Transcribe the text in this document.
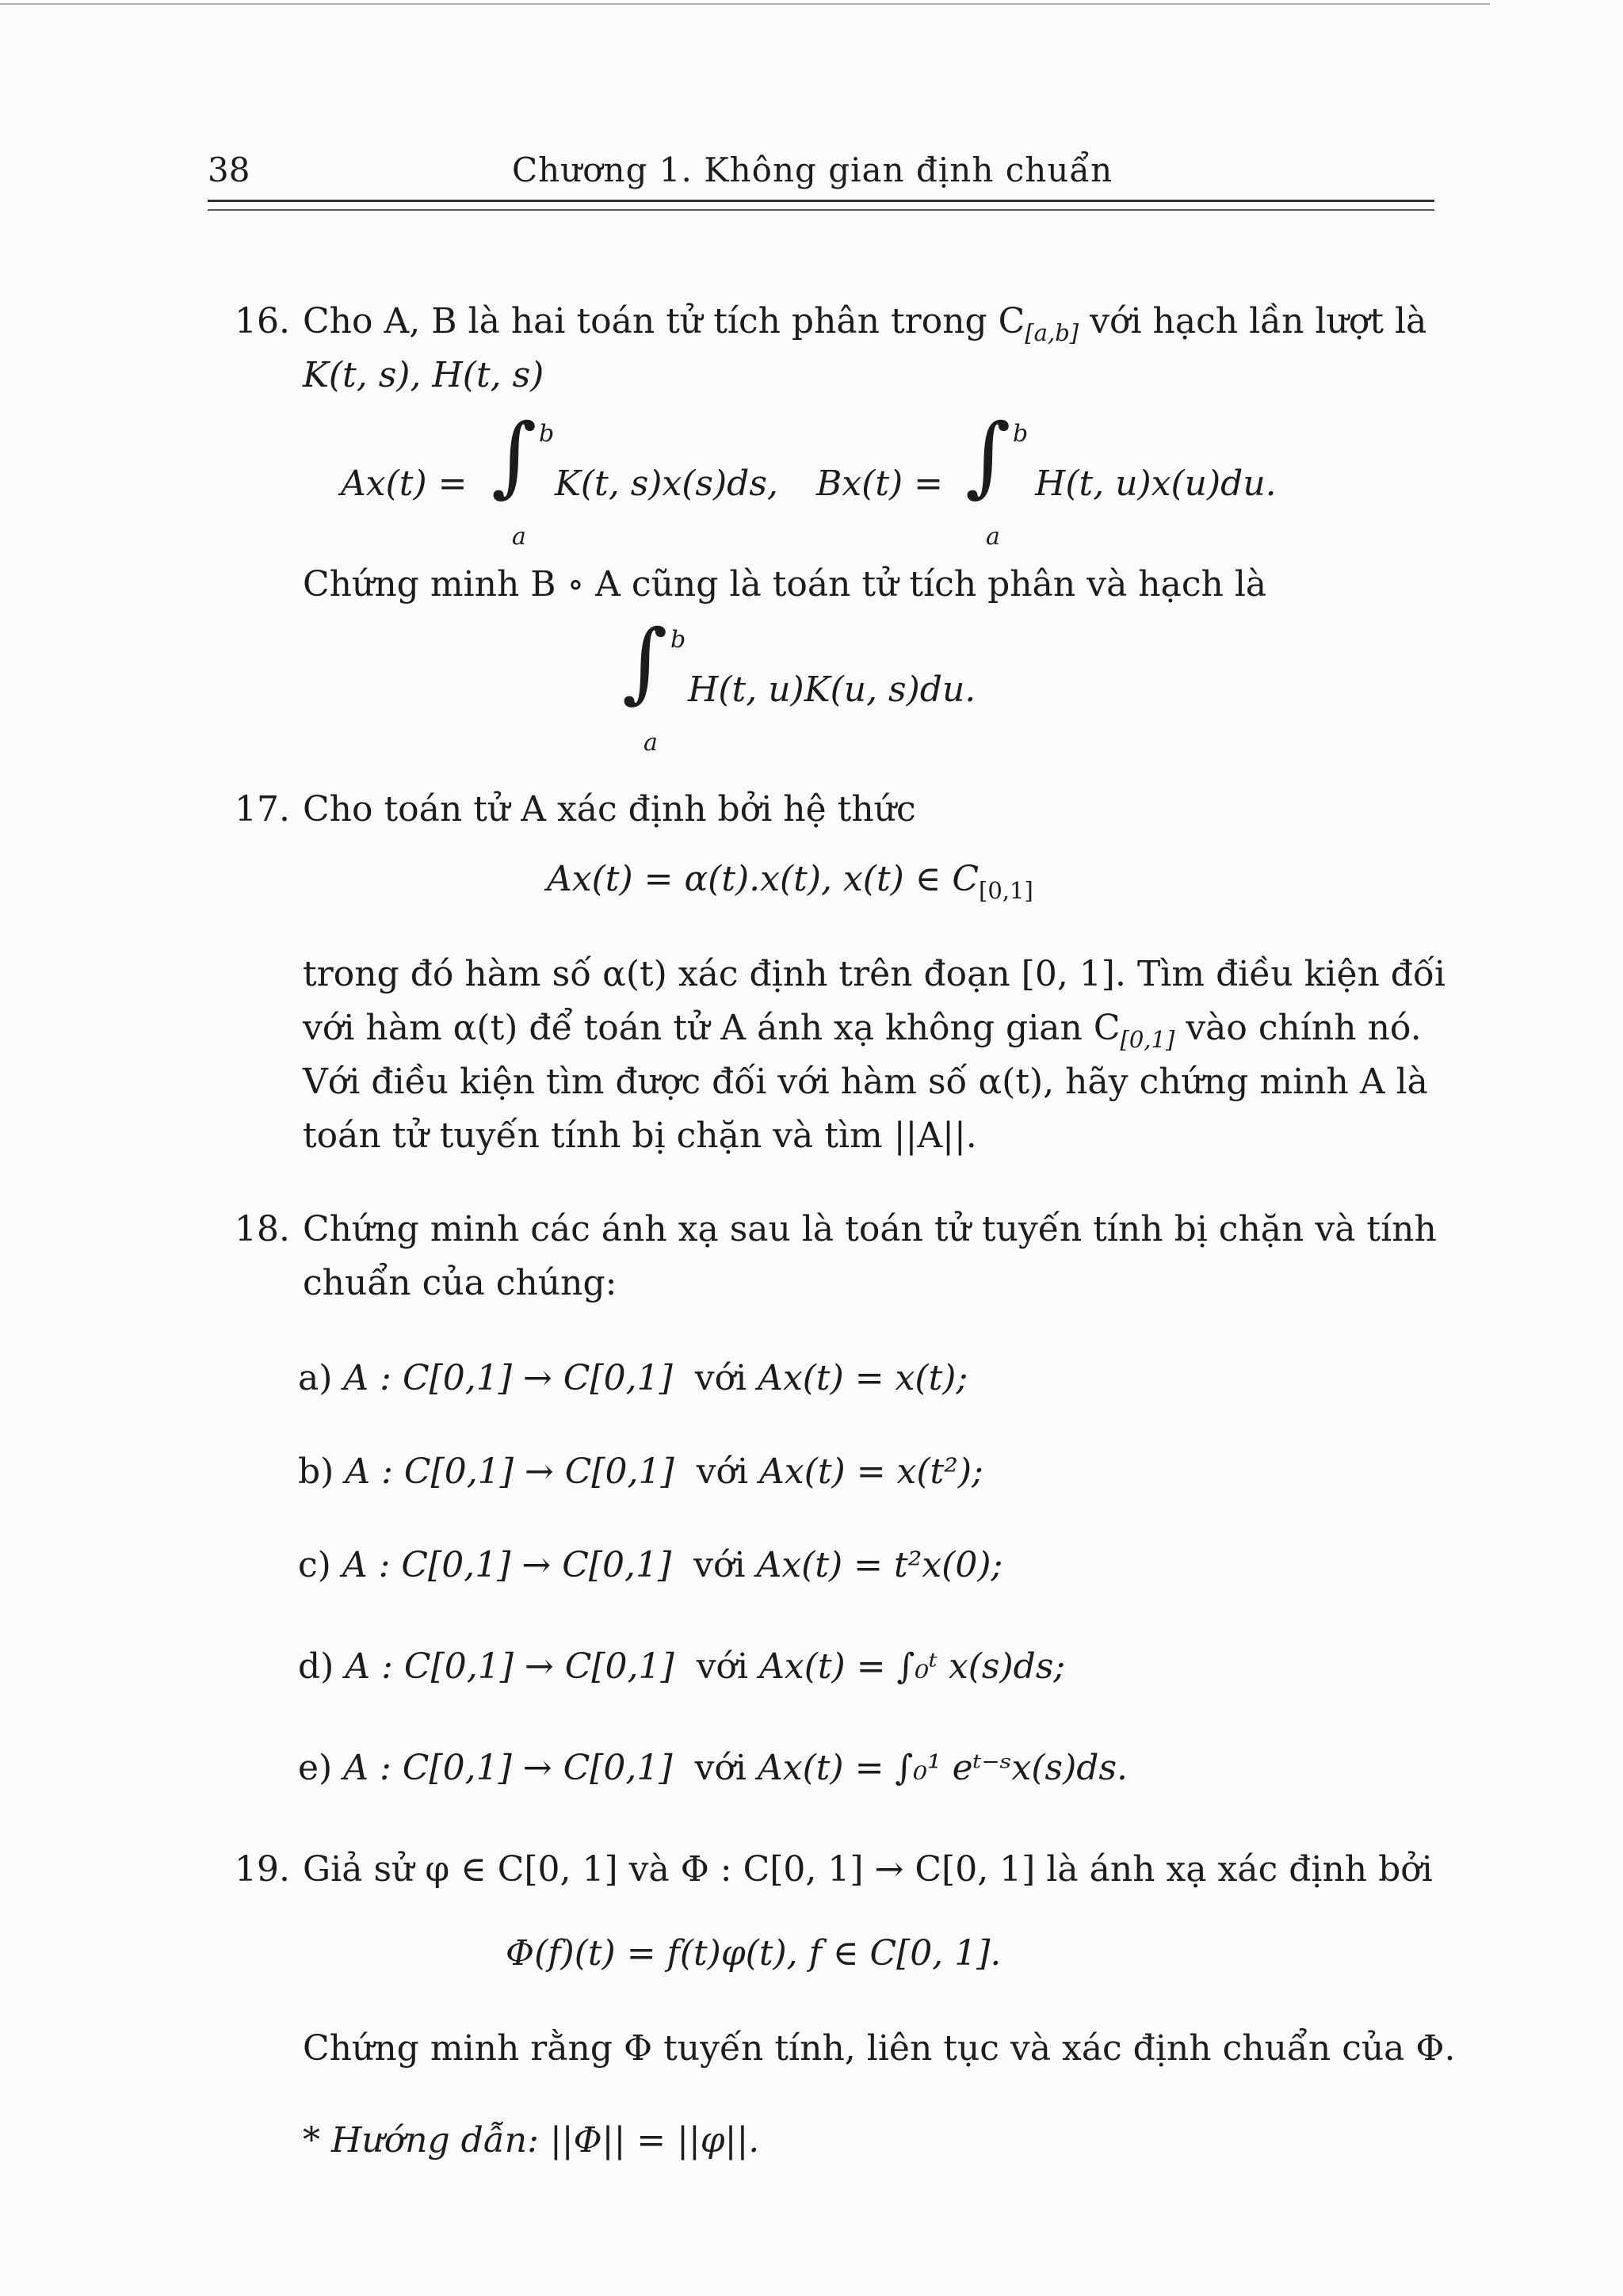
38	Chương 1. Không gian định chuẩn
16. Cho A, B là hai toán tử tích phân trong $C_{[a,b]}$ với hạch lần lượt là
K(t, s), H(t, s)
Ax(t) = ∫ b
a
K(t, s)x(s)ds, Bx(t) = ∫ b
a
H(t, u)x(u)du.
Chứng minh B ∘ A cũng là toán tử tích phân và hạch là
∫ b
a
H(t, u)K(u, s)du.
17. Cho toán tử A xác định bởi hệ thức
Ax(t) = α(t).x(t), x(t) ∈ $C_{[0,1]}$
trong đó hàm số α(t) xác định trên đoạn [0, 1]. Tìm điều kiện đối
với hàm α(t) để toán tử A ánh xạ không gian $C_{[0,1]}$ vào chính nó.
Với điều kiện tìm được đối với hàm số α(t), hãy chứng minh A là
toán tử tuyến tính bị chặn và tìm ||A||.
18. Chứng minh các ánh xạ sau là toán tử tuyến tính bị chặn và tính
chuẩn của chúng:
a) A : C[0,1] → C[0,1] với Ax(t) = x(t);
b) A : C[0,1] → C[0,1] với Ax(t) = x(t²);
c) A : C[0,1] → C[0,1] với Ax(t) = t²x(0);
d) A : C[0,1] → C[0,1] với Ax(t) = ∫₀ᵗ x(s)ds;
e) A : C[0,1] → C[0,1] với Ax(t) = ∫₀¹ eᵗ⁻ˢx(s)ds.
19. Giả sử φ ∈ C[0, 1] và Φ : C[0, 1] → C[0, 1] là ánh xạ xác định bởi
Φ(f)(t) = f(t)φ(t), f ∈ C[0, 1].
Chứng minh rằng Φ tuyến tính, liên tục và xác định chuẩn của Φ.
* Hướng dẫn: ||Φ|| = ||φ||.
